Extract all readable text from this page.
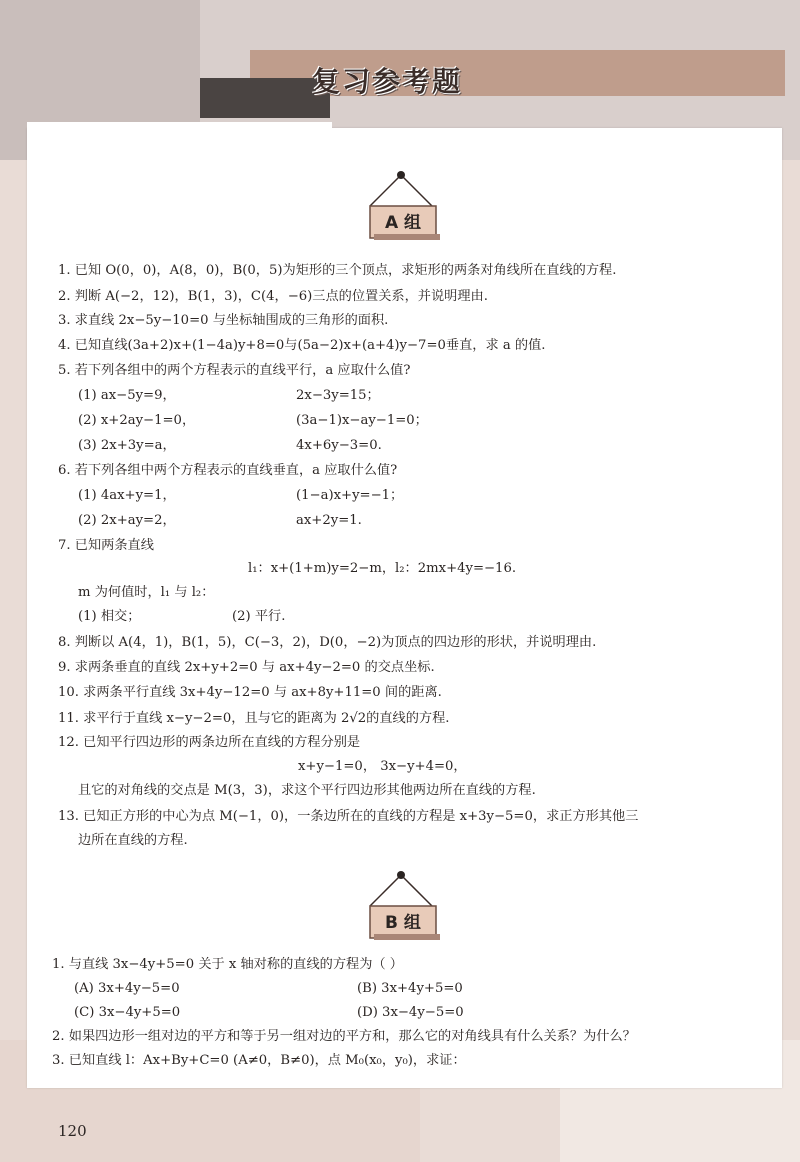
复习参考题
A 组
1. 已知 O(0，0)，A(8，0)，B(0，5)为矩形的三个顶点，求矩形的两条对角线所在直线的方程.
2. 判断 A(−2，12)，B(1，3)，C(4，−6)三点的位置关系，并说明理由.
3. 求直线 2x−5y−10=0 与坐标轴围成的三角形的面积.
4. 已知直线(3a+2)x+(1−4a)y+8=0与(5a−2)x+(a+4)y−7=0垂直，求 a 的值.
5. 若下列各组中的两个方程表示的直线平行，a 应取什么值?
(1) ax−5y=9，	2x−3y=15；
(2) x+2ay−1=0，	(3a−1)x−ay−1=0；
(3) 2x+3y=a，	4x+6y−3=0.
6. 若下列各组中两个方程表示的直线垂直，a 应取什么值?
(1) 4ax+y=1，	(1−a)x+y=−1；
(2) 2x+ay=2，	ax+2y=1.
7. 已知两条直线
l₁：x+(1+m)y=2−m，l₂：2mx+4y=−16.
m 为何值时，l₁ 与 l₂：
(1) 相交；	(2) 平行.
8. 判断以 A(4，1)，B(1，5)，C(−3，2)，D(0，−2)为顶点的四边形的形状，并说明理由.
9. 求两条垂直的直线 2x+y+2=0 与 ax+4y−2=0 的交点坐标.
10. 求两条平行直线 3x+4y−12=0 与 ax+8y+11=0 间的距离.
11. 求平行于直线 x−y−2=0，且与它的距离为 2√2的直线的方程.
12. 已知平行四边形的两条边所在直线的方程分别是
x+y−1=0， 3x−y+4=0，
且它的对角线的交点是 M(3，3)，求这个平行四边形其他两边所在直线的方程.
13. 已知正方形的中心为点 M(−1，0)，一条边所在的直线的方程是 x+3y−5=0，求正方形其他三
边所在直线的方程.
B 组
1. 与直线 3x−4y+5=0 关于 x 轴对称的直线的方程为（ ）
(A) 3x+4y−5=0	(B) 3x+4y+5=0
(C) 3x−4y+5=0	(D) 3x−4y−5=0
2. 如果四边形一组对边的平方和等于另一组对边的平方和，那么它的对角线具有什么关系？为什么？
3. 已知直线 l：Ax+By+C=0 (A≠0，B≠0)，点 M₀(x₀，y₀)，求证：
120
